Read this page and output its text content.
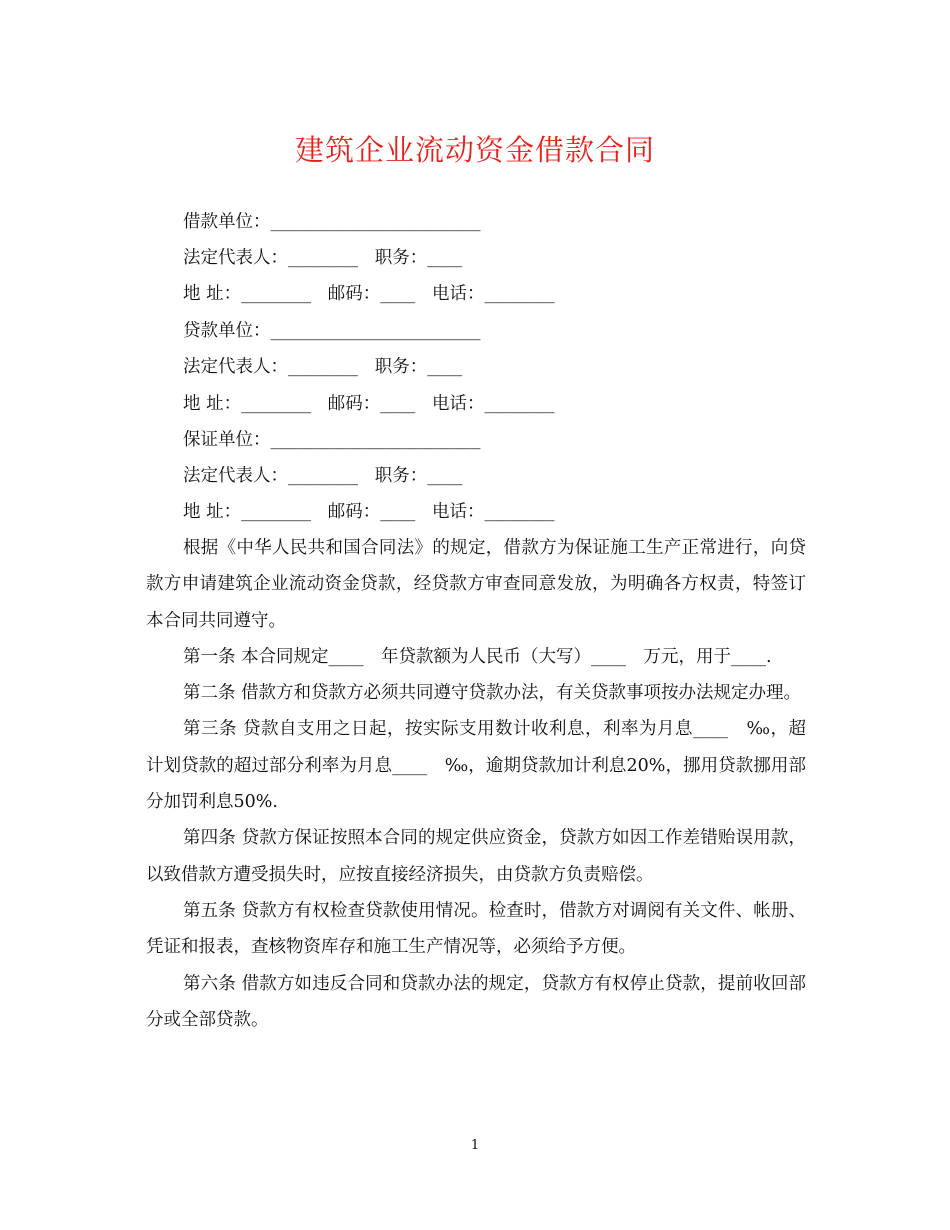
建筑企业流动资金借款合同
借款单位：________________________
法定代表人：________   职务：____
地 址：________   邮码：____   电话：________
贷款单位：________________________
法定代表人：________   职务：____
地 址：________   邮码：____   电话：________
保证单位：________________________
法定代表人：________   职务：____
地 址：________   邮码：____   电话：________

根据《中华人民共和国合同法》的规定，借款方为保证施工生产正常进行，向贷款方申请建筑企业流动资金贷款，经贷款方审查同意发放，为明确各方权责，特签订本合同共同遵守。

第一条 本合同规定____　年贷款额为人民币（大写）____　万元，用于____.

第二条 借款方和贷款方必须共同遵守贷款办法，有关贷款事项按办法规定办理。

第三条 贷款自支用之日起，按实际支用数计收利息，利率为月息____　‰，超计划贷款的超过部分利率为月息____　‰，逾期贷款加计利息20%，挪用贷款挪用部分加罚利息50%.

第四条 贷款方保证按照本合同的规定供应资金，贷款方如因工作差错贻误用款，以致借款方遭受损失时，应按直接经济损失，由贷款方负责赔偿。

第五条 贷款方有权检查贷款使用情况。检查时，借款方对调阅有关文件、帐册、凭证和报表，查核物资库存和施工生产情况等，必须给予方便。

第六条 借款方如违反合同和贷款办法的规定，贷款方有权停止贷款，提前收回部分或全部贷款。

1
